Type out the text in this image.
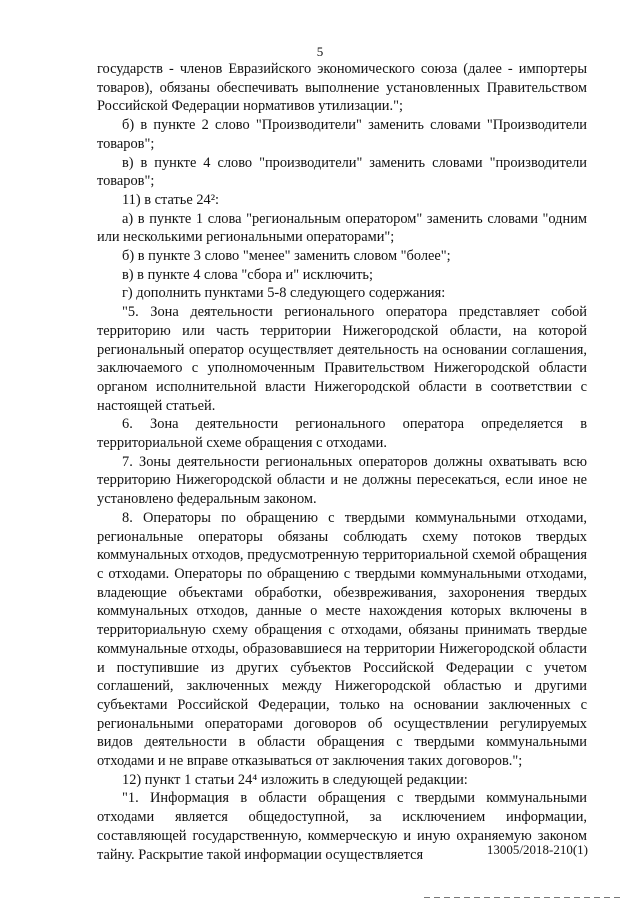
5

государств - членов Евразийского экономического союза (далее - импортеры товаров), обязаны обеспечивать выполнение установленных Правительством Российской Федерации нормативов утилизации.";

б) в пункте 2 слово "Производители" заменить словами "Производители товаров";

в) в пункте 4 слово "производители" заменить словами "производители товаров";

11) в статье 24²:

а) в пункте 1 слова "региональным оператором" заменить словами "одним или несколькими региональными операторами";

б) в пункте 3 слово "менее" заменить словом "более";

в) в пункте 4 слова "сбора и" исключить;

г) дополнить пунктами 5-8 следующего содержания:

"5. Зона деятельности регионального оператора представляет собой территорию или часть территории Нижегородской области, на которой региональный оператор осуществляет деятельность на основании соглашения, заключаемого с уполномоченным Правительством Нижегородской области органом исполнительной власти Нижегородской области в соответствии с настоящей статьей.

6. Зона деятельности регионального оператора определяется в территориальной схеме обращения с отходами.

7. Зоны деятельности региональных операторов должны охватывать всю территорию Нижегородской области и не должны пересекаться, если иное не установлено федеральным законом.

8. Операторы по обращению с твердыми коммунальными отходами, региональные операторы обязаны соблюдать схему потоков твердых коммунальных отходов, предусмотренную территориальной схемой обращения с отходами. Операторы по обращению с твердыми коммунальными отходами, владеющие объектами обработки, обезвреживания, захоронения твердых коммунальных отходов, данные о месте нахождения которых включены в территориальную схему обращения с отходами, обязаны принимать твердые коммунальные отходы, образовавшиеся на территории Нижегородской области и поступившие из других субъектов Российской Федерации с учетом соглашений, заключенных между Нижегородской областью и другими субъектами Российской Федерации, только на основании заключенных с региональными операторами договоров об осуществлении регулируемых видов деятельности в области обращения с твердыми коммунальными отходами и не вправе отказываться от заключения таких договоров.";

12) пункт 1 статьи 24⁴ изложить в следующей редакции:

"1. Информация в области обращения с твердыми коммунальными отходами является общедоступной, за исключением информации, составляющей государственную, коммерческую и иную охраняемую законом тайну. Раскрытие такой информации осуществляется	13005/2018-210(1)
